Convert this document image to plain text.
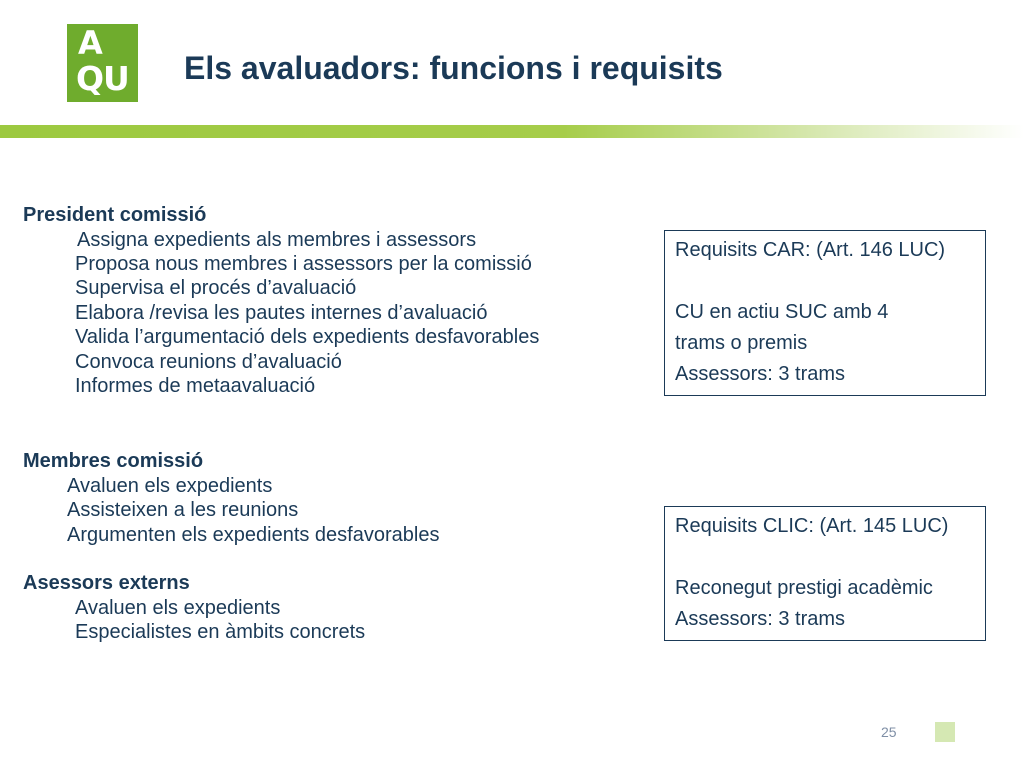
A
QU Els avaluadors: funcions i requisits
President comissió
Assigna expedients als membres i assessors
Proposa nous membres i assessors per la comissió
Supervisa el procés d’avaluació
Elabora /revisa les pautes internes d’avaluació
Valida l’argumentació dels expedients desfavorables
Convoca reunions d’avaluació
Informes de metaavaluació
Membres comissió
Avaluen els expedients
Assisteixen a les reunions
Argumenten els expedients desfavorables
Asessors externs
Avaluen els expedients
Especialistes en àmbits concrets
Requisits CAR: (Art. 146 LUC)
CU en actiu SUC amb 4
trams o premis
Assessors: 3 trams
Requisits CLIC: (Art. 145 LUC)
Reconegut prestigi acadèmic
Assessors: 3 trams
25
